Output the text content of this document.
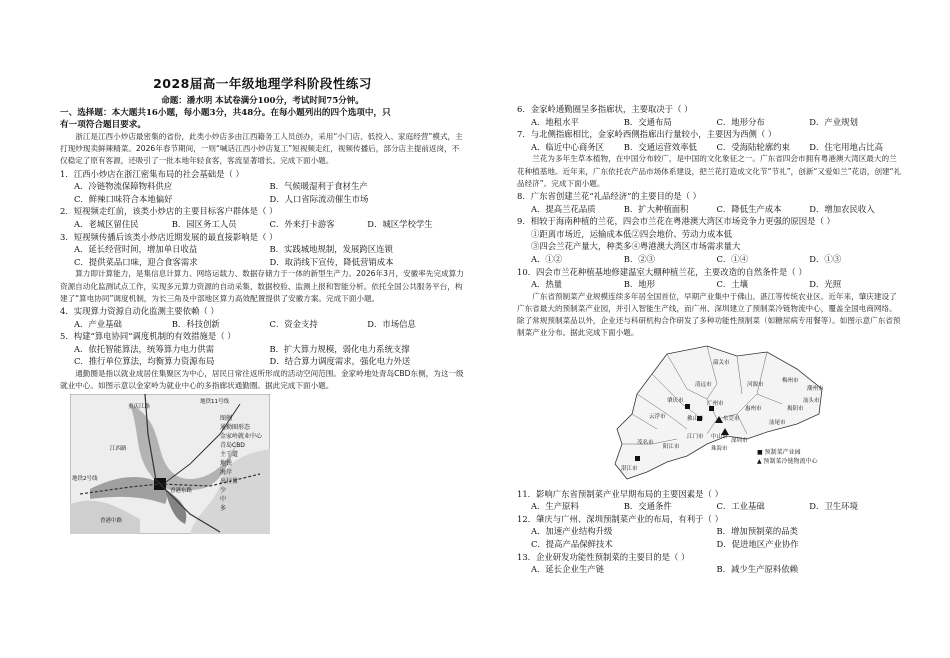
2028届高一年级地理学科阶段性练习
命题：潘水明 本试卷满分100分，考试时间75分钟。
一、选择题：本大题共16小题，每小题3分，共48分。在每小题列出的四个选项中，只
有一项符合题目要求。
浙江是江西小炒店最密集的省份，此类小炒店多由江西籍务工人员创办，采用“小门店、低投入、家庭经营”模式，主打现炒现卖鲜辣精菜。2026年春节期间，一则“喊话江西小炒店复工”短视频走红，视频传播后，部分店主提前返岗，不仅稳定了原有客源，还吸引了一批本地年轻食客，客流显著增长。完成下面小题。
1．江西小炒店在浙江密集布局的社会基础是（ ）
A．冷链物流保障物料供应	B．气候暖湿利于食材生产
C．鲜辣口味符合本地偏好	D．人口省际流动催生市场
2．短视频走红前，该类小炒店的主要目标客户群体是（ ）
A．老城区留住民	B．园区务工人员	C．外来打卡游客	D．城区学校学生
3．短视频传播后该类小炒店近期发展的最直接影响是（ ）
A．延长经营时间，增加单日收益	B．实践城地规制，发展跨区连锁
C．提供菜品口味，迎合食客需求	D．取消线下宣传，降低营销成本
算力即计算能力，是集信息计算力、网络运载力、数据存储力于一体的新型生产力。2026年3月，安徽率先完成算力资源自动化监测试点工作，实现多元算力资源的自动采集、数据校验、监测上报和智能分析。依托全国公共服务平台，构建了“算电协同”调度机制，为长三角及中部地区算力高效配置提供了安徽方案。完成下面小题。
4．实现算力资源自动化监测主要依赖（ ）
A．产业基础	B．科技创新	C．资金支持	D．市场信息
5．构建“算电协同”调度机制的有效措施是（ ）
A．依托智能算法，统筹算力电力供需	B．扩大算力规模，弱化电力系统支撑
C．推行单位算法，均衡算力资源布局	D．结合算力调度需求，强化电力外送
通勤圈是指以就业成居住集聚区为中心，居民日常往返所形成的活动空间范围。金家岭地处青岛CBD东侧，为这一级就业中心。如图示意以金家岭为就业中心的多指廊状通勤圈。据此完成下面小题。
重庆江路
地铁11号线
地铁2号线
香港东路
香港中路
江西路
图例
通勤圈形态
金家岭就业中心
青岛CBD
主干道
地铁
海岸
出行量
少
中
多
6．金家岭通勤圈呈多指廊状，主要取决于（ ）
A．地租水平	B．交通布局	C．地形分布	D．产业规划
7．与北侧指廊相比，金家岭西侧指廊出行量较小，主要因为西侧（ ）
A．临近中心商务区	B．交通运营效率低	C．受海陆轮廓约束	D．住宅用地占比高
兰花为多年生草本植物，在中国分布较广，是中国的文化象征之一。广东省四会市拥有粤港澳大湾区最大的兰花种植基地。近年来，广东依托农产品市场体系建设，把兰花打造成文化节“节礼”，创新“又爱如兰”花语，创建“礼品经济”。完成下面小题。
8．广东省创建兰花“礼品经济”的主要目的是（ ）
A．提高兰花品质	B．扩大种植面积	C．降低生产成本	D．增加农民收入
9．相较于海南种植的兰花，四会市兰花在粤港澳大湾区市场竞争力更强的原因是（ ）
①距离市场近，运输成本低②四会地价、劳动力成本低
③四会兰花产量大，种类多④粤港澳大湾区市场需求量大
A．①②	B．②③	C．①④	D．①③
10．四会市兰花种植基地修建温室大棚种植兰花，主要改造的自然条件是（ ）
A．热量	B．地形	C．土壤	D．光照
广东省预制菜产业规模连续多年居全国首位，早期产业集中于佛山、湛江等传统农业区。近年来，肇庆建设了广东省最大的预制菜产业园，并引入智能生产线，而广州、深圳建立了预制菜冷链物流中心，覆盖全国电商网络。除了常规预制菜品以外，企业还与科研机构合作研发了多种功能性预制菜（如糖尿病专用餐等）。如图示意广东省预制菜产业分布。据此完成下面小题。
韶关市
清远市
梅州市
肇庆市	广州市
惠州市
云浮市	佛山市	东莞市
汕头市
汕尾市
揭阳市
河源市
江门市 中山市
珠海市
深圳市
阳江市
茂名市
湛江市
潮州市
■ 预制菜产业园
▲ 预制菜冷链物流中心
11．影响广东省预制菜产业早期布局的主要因素是（ ）
A．生产原料	B．交通条件	C．工业基础	D．卫生环境
12．肇庆与广州、深圳预制菜产业的布局，有利于（ ）
A．加速产业结构升级	B．增加预制菜的品类
C．提高产品保鲜技术	D．促进地区产业协作
13．企业研发功能性预制菜的主要目的是（ ）
A．延长企业生产链	B．减少生产原料依赖
